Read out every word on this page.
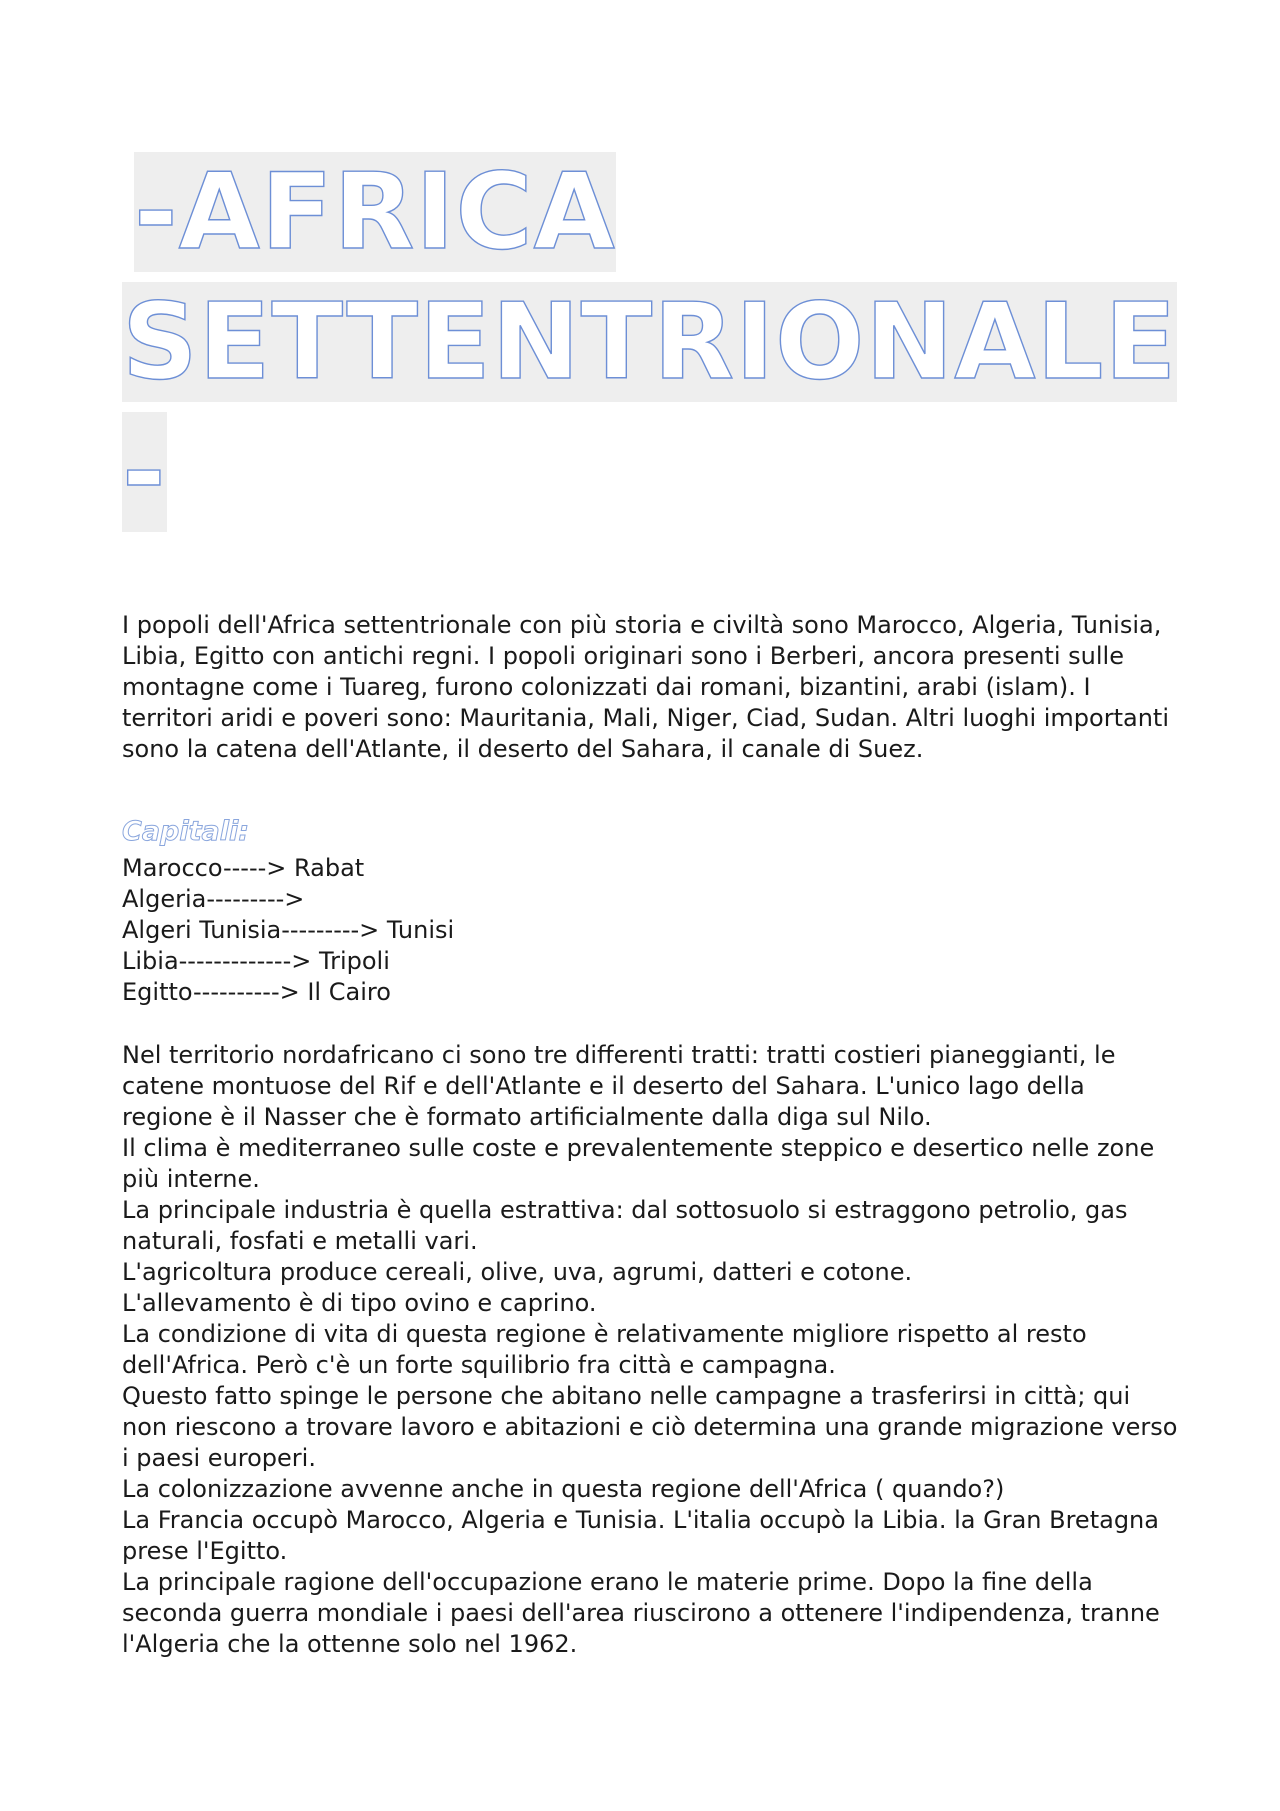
-AFRICA
SETTENTRIONALE
-
I popoli dell'Africa settentrionale con più storia e civiltà sono Marocco, Algeria, Tunisia, Libia, Egitto con antichi regni. I popoli originari sono i Berberi, ancora presenti sulle montagne come i Tuareg, furono colonizzati dai romani, bizantini, arabi (islam). I territori aridi e poveri sono: Mauritania, Mali, Niger, Ciad, Sudan. Altri luoghi importanti sono la catena dell'Atlante, il deserto del Sahara, il canale di Suez.
Capitali:
Marocco-----> Rabat
Algeria--------->
Algeri Tunisia---------> Tunisi
Libia-------------> Tripoli
Egitto----------> Il Cairo
Nel territorio nordafricano ci sono tre differenti tratti: tratti costieri pianeggianti, le catene montuose del Rif e dell'Atlante e il deserto del Sahara. L'unico lago della regione è il Nasser che è formato artificialmente dalla diga sul Nilo.
Il clima è mediterraneo sulle coste e prevalentemente steppico e desertico nelle zone più interne.
La principale industria è quella estrattiva: dal sottosuolo si estraggono petrolio, gas naturali, fosfati e metalli vari.
L'agricoltura produce cereali, olive, uva, agrumi, datteri e cotone.
L'allevamento è di tipo ovino e caprino.
La condizione di vita di questa regione è relativamente migliore rispetto al resto dell'Africa. Però c'è un forte squilibrio fra città e campagna.
Questo fatto spinge le persone che abitano nelle campagne a trasferirsi in città; qui non riescono a trovare lavoro e abitazioni e ciò determina una grande migrazione verso i paesi europeri.
La colonizzazione avvenne anche in questa regione dell'Africa ( quando?)
La Francia occupò Marocco, Algeria e Tunisia. L'italia occupò la Libia. la Gran Bretagna prese l'Egitto.
La principale ragione dell'occupazione erano le materie prime. Dopo la fine della seconda guerra mondiale i paesi dell'area riuscirono a ottenere l'indipendenza, tranne l'Algeria che la ottenne solo nel 1962.
